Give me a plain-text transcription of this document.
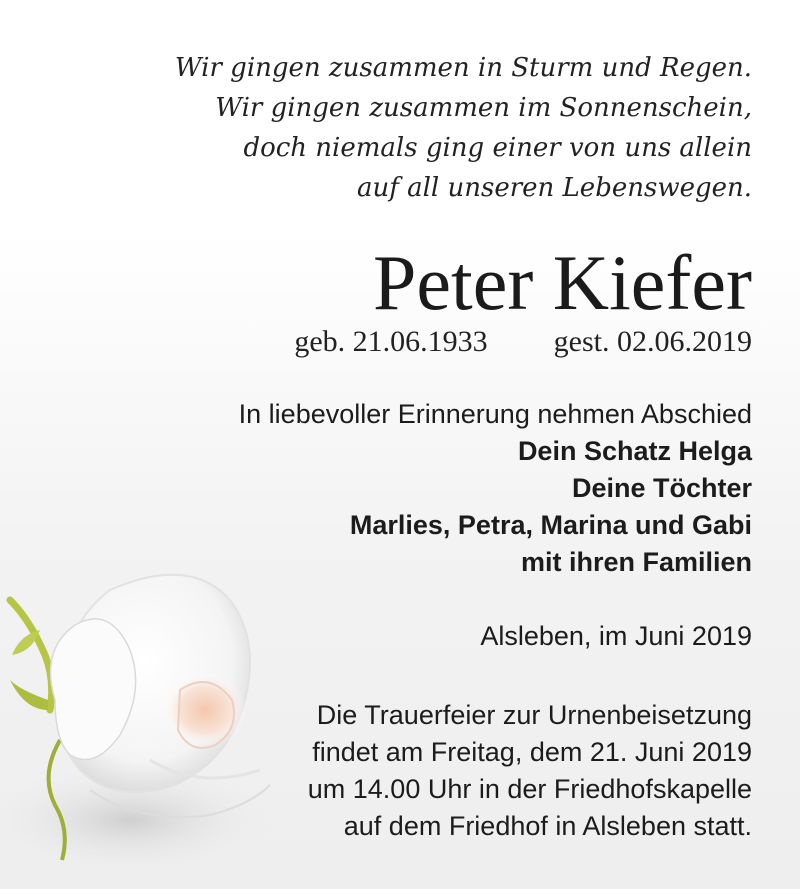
Wir gingen zusammen in Sturm und Regen.
Wir gingen zusammen im Sonnenschein,
doch niemals ging einer von uns allein
auf all unseren Lebenswegen.
Peter Kiefer
geb. 21.06.1933 gest. 02.06.2019
In liebevoller Erinnerung nehmen Abschied
Dein Schatz Helga
Deine Töchter
Marlies, Petra, Marina und Gabi
mit ihren Familien
Alsleben, im Juni 2019
Die Trauerfeier zur Urnenbeisetzung
findet am Freitag, dem 21. Juni 2019
um 14.00 Uhr in der Friedhofskapelle
auf dem Friedhof in Alsleben statt.
